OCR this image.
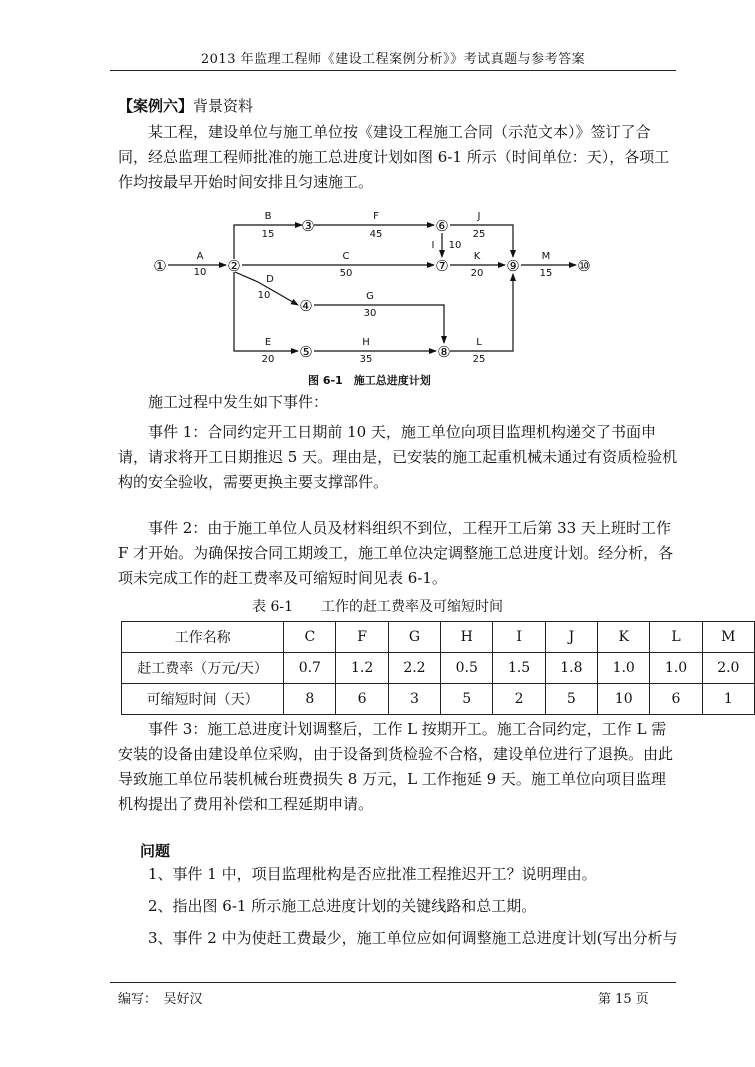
2013 年监理工程师《建设工程案例分析》》考试真题与参考答案
【案例六】背景资料

某工程，建设单位与施工单位按《建设工程施工合同（示范文本）》签订了合同，经总监理工程师批准的施工总进度计划如图 6-1 所示（时间单位：天），各项工作均按最早开始时间安排且匀速施工。

A
10
B
15
C
50
D
10
E
20
F
45
G
30
H
35
I 10
J
25
K
20
L
25
M
15
①	②
③
④
⑤
⑥
⑦
⑧
⑨	⑩
图 6-1　施工总进度计划

施工过程中发生如下事件：

事件 1：合同约定开工日期前 10 天，施工单位向项目监理机构递交了书面申请，请求将开工日期推迟 5 天。理由是，已安装的施工起重机械未通过有资质检验机构的安全验收，需要更换主要支撑部件。

事件 2：由于施工单位人员及材料组织不到位，工程开工后第 33 天上班时工作 F 才开始。为确保按合同工期竣工，施工单位决定调整施工总进度计划。经分析，各项未完成工作的赶工费率及可缩短时间见表 6-1。

表 6-1　　工作的赶工费率及可缩短时间
工作名称	C	F	G	H	I	J	K	L	M
赶工费率（万元/天）	0.7	1.2	2.2	0.5	1.5	1.8	1.0	1.0	2.0
可缩短时间（天）	8	6	3	5	2	5	10	6	1

事件 3：施工总进度计划调整后，工作 L 按期开工。施工合同约定，工作 L 需安装的设备由建设单位采购，由于设备到货检验不合格，建设单位进行了退换。由此导致施工单位吊装机械台班费损失 8 万元，L 工作拖延 9 天。施工单位向项目监理机构提出了费用补偿和工程延期申请。

问题

1、事件 1 中，项目监理枇构是否应批准工程推迟开工？说明理由。

2、指出图 6-1 所示施工总进度计划的关键线路和总工期。

3、事件 2 中为使赶工费最少，施工单位应如何调整施工总进度计划(写出分析与

编写：　吴好汉	第 15 页
